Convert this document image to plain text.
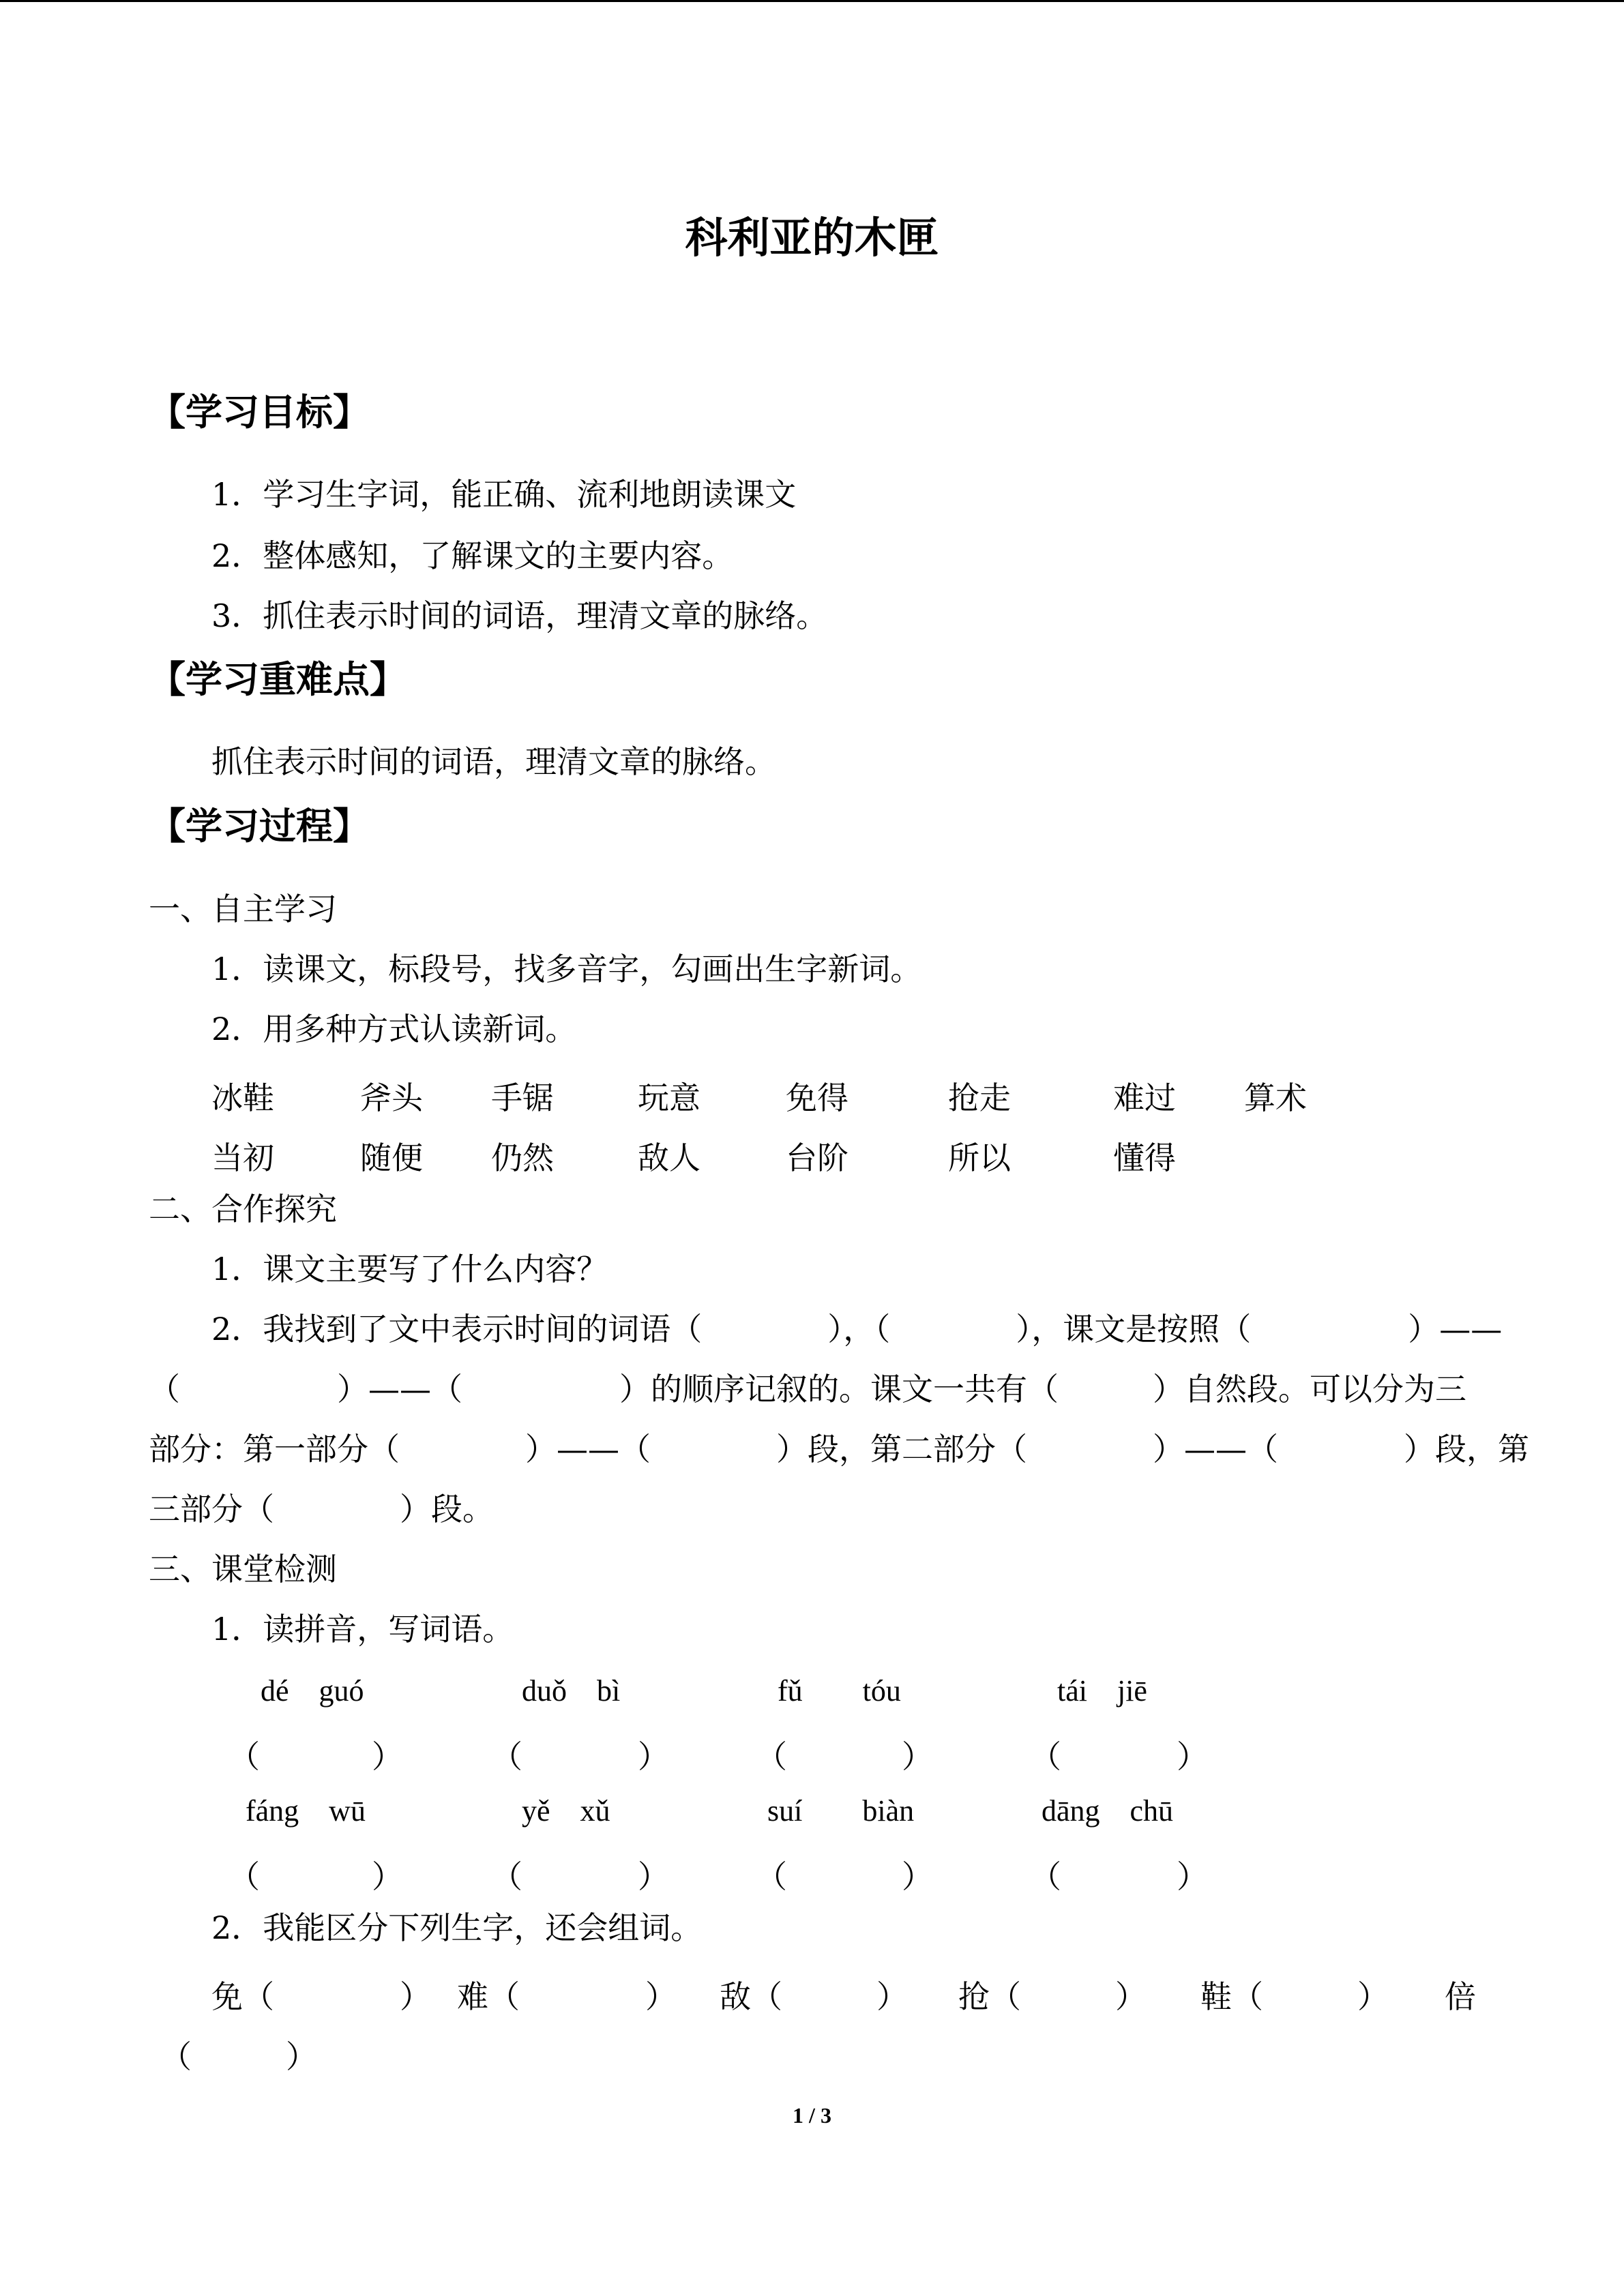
科利亚的木匣
【学习目标】
1．学习生字词，能正确、流利地朗读课文
2．整体感知，了解课文的主要内容。
3．抓住表示时间的词语，理清文章的脉络。
【学习重难点】
抓住表示时间的词语，理清文章的脉络。
【学习过程】
一、自主学习
1．读课文，标段号，找多音字，勾画出生字新词。
2．用多种方式认读新词。
冰鞋	斧头 手锯	玩意	免得	抢走	难过 算术
当初	随便 仍然	敌人	台阶	所以	懂得
二、合作探究
1．课文主要写了什么内容？
2．我找到了文中表示时间的词语（　　　　），（　　　　），课文是按照（　　　　　）——
（　　　　　）——（　　　　　）的顺序记叙的。课文一共有（　　　）自然段。可以分为三
部分：第一部分（　　　　）——（　　　　）段，第二部分（　　　　）——（　　　　）段，第
三部分（　　　　）段。
三、课堂检测
1．读拼音，写词语。
dé　guó	duǒ　bì	fǔ　　tóu	tái　jiē
（	）	（	）	（	）	（	）
fáng　wū	yě　xǔ	suí　　biàn	dāng　chū
（	）	（	）	（	）	（	）
2．我能区分下列生字，还会组词。
免（　　　　） 难（　　　　） 敌（　　　） 抢（　　　） 鞋（　　　） 倍
（　　　）
1 / 3
